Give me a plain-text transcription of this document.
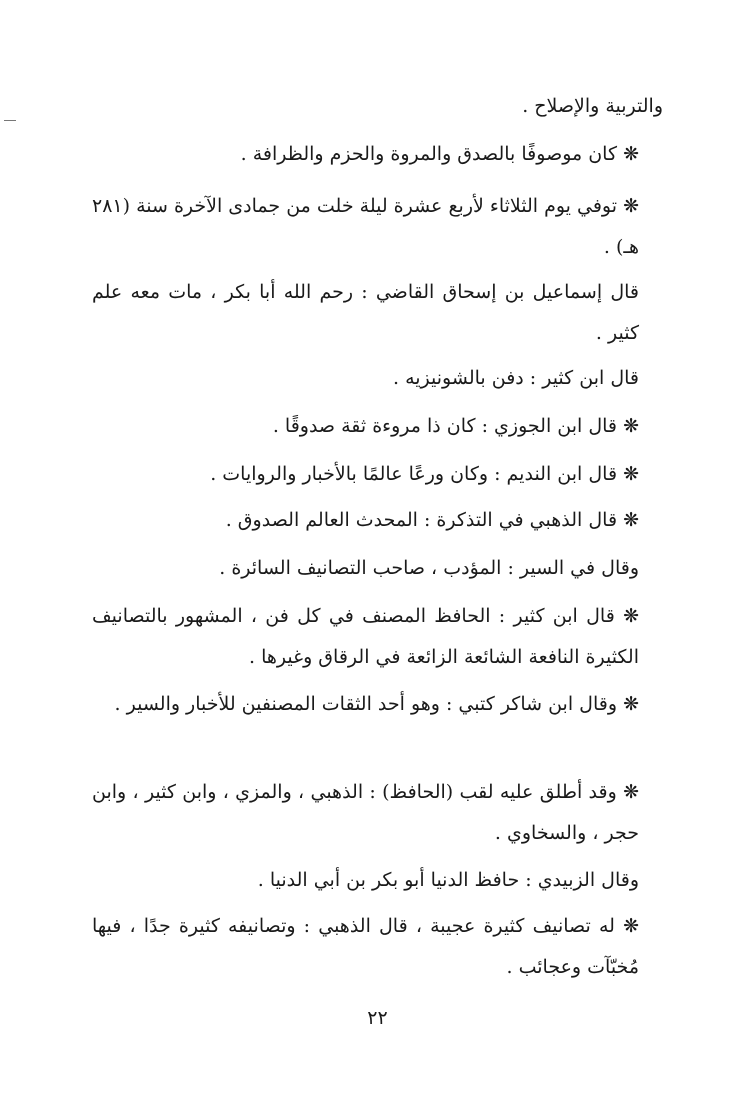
والتربية والإصلاح .

❋ كان موصوفًا بالصدق والمروة والحزم والظرافة .

❋ توفي يوم الثلاثاء لأربع عشرة ليلة خلت من جمادى الآخرة سنة (٢٨١ هـ) .

قال إسماعيل بن إسحاق القاضي : رحم الله أبا بكر ، مات معه علم كثير .

قال ابن كثير : دفن بالشونيزيه .

❋ قال ابن الجوزي : كان ذا مروءة ثقة صدوقًا .

❋ قال ابن النديم : وكان ورعًا عالمًا بالأخبار والروايات .

❋ قال الذهبي في التذكرة : المحدث العالم الصدوق .

وقال في السير : المؤدب ، صاحب التصانيف السائرة .

❋ قال ابن كثير : الحافظ المصنف في كل فن ، المشهور بالتصانيف الكثيرة النافعة الشائعة الزائعة في الرقاق وغيرها .

❋ وقال ابن شاكر كتبي : وهو أحد الثقات المصنفين للأخبار والسير .

❋ وقد أطلق عليه لقب (الحافظ) : الذهبي ، والمزي ، وابن كثير ، وابن حجر ، والسخاوي .

وقال الزبيدي : حافظ الدنيا أبو بكر بن أبي الدنيا .

❋ له تصانيف كثيرة عجيبة ، قال الذهبي : وتصانيفه كثيرة جدًا ، فيها مُخبّآت وعجائب .

٢٢
